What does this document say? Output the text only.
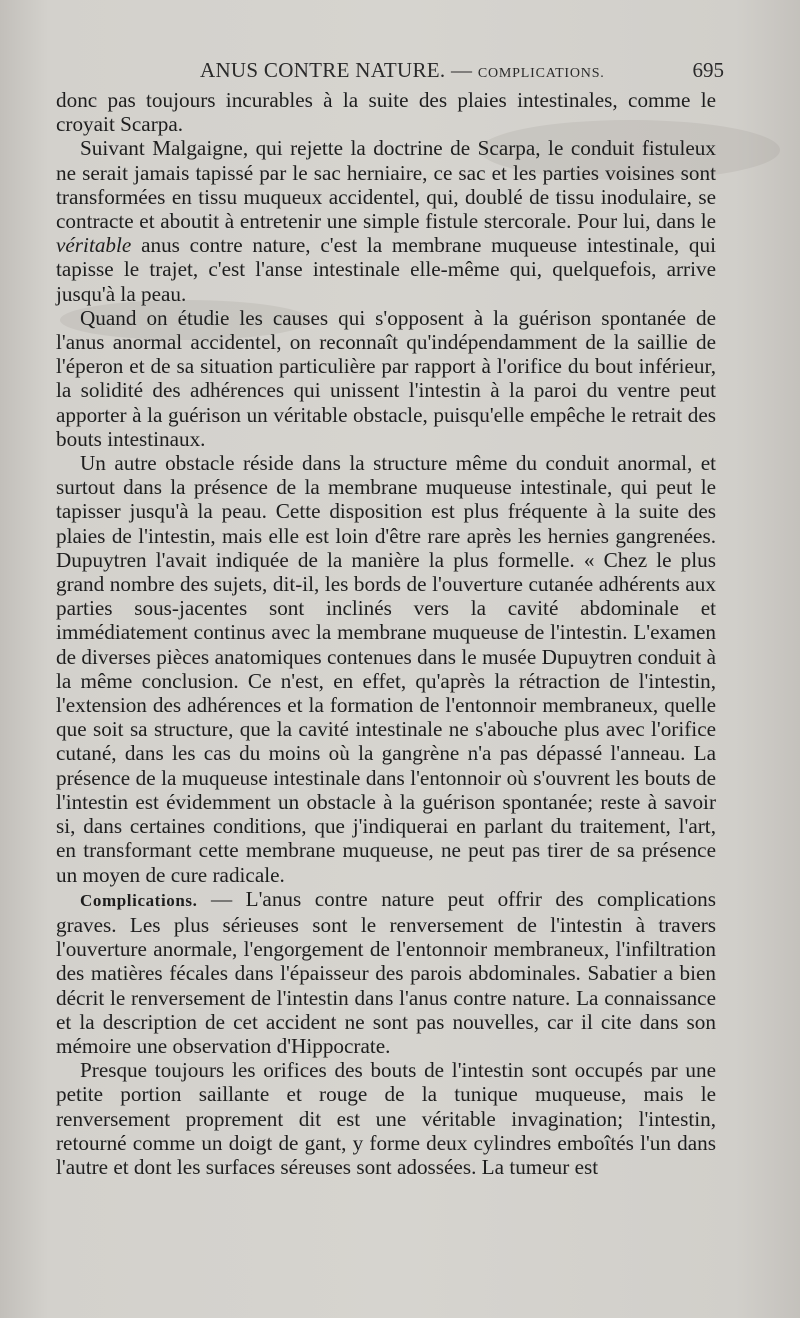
ANUS CONTRE NATURE. — COMPLICATIONS.	695

donc pas toujours incurables à la suite des plaies intestinales, comme le croyait Scarpa.

Suivant Malgaigne, qui rejette la doctrine de Scarpa, le conduit fistuleux ne serait jamais tapissé par le sac herniaire, ce sac et les parties voisines sont transformées en tissu muqueux accidentel, qui, doublé de tissu inodulaire, se contracte et aboutit à entretenir une simple fistule stercorale. Pour lui, dans le véritable anus contre nature, c'est la membrane muqueuse intestinale, qui tapisse le trajet, c'est l'anse intestinale elle-même qui, quelquefois, arrive jusqu'à la peau.

Quand on étudie les causes qui s'opposent à la guérison spontanée de l'anus anormal accidentel, on reconnaît qu'indépendamment de la saillie de l'éperon et de sa situation particulière par rapport à l'orifice du bout inférieur, la solidité des adhérences qui unissent l'intestin à la paroi du ventre peut apporter à la guérison un véritable obstacle, puisqu'elle empêche le retrait des bouts intestinaux.

Un autre obstacle réside dans la structure même du conduit anormal, et surtout dans la présence de la membrane muqueuse intestinale, qui peut le tapisser jusqu'à la peau. Cette disposition est plus fréquente à la suite des plaies de l'intestin, mais elle est loin d'être rare après les hernies gangrenées. Dupuytren l'avait indiquée de la manière la plus formelle. « Chez le plus grand nombre des sujets, dit-il, les bords de l'ouverture cutanée adhérents aux parties sous-jacentes sont inclinés vers la cavité abdominale et immédiatement continus avec la membrane muqueuse de l'intestin. L'examen de diverses pièces anatomiques contenues dans le musée Dupuytren conduit à la même conclusion. Ce n'est, en effet, qu'après la rétraction de l'intestin, l'extension des adhérences et la formation de l'entonnoir membraneux, quelle que soit sa structure, que la cavité intestinale ne s'abouche plus avec l'orifice cutané, dans les cas du moins où la gangrène n'a pas dépassé l'anneau. La présence de la muqueuse intestinale dans l'entonnoir où s'ouvrent les bouts de l'intestin est évidemment un obstacle à la guérison spontanée; reste à savoir si, dans certaines conditions, que j'indiquerai en parlant du traitement, l'art, en transformant cette membrane muqueuse, ne peut pas tirer de sa présence un moyen de cure radicale.

Complications. — L'anus contre nature peut offrir des complications graves. Les plus sérieuses sont le renversement de l'intestin à travers l'ouverture anormale, l'engorgement de l'entonnoir membraneux, l'infiltration des matières fécales dans l'épaisseur des parois abdominales. Sabatier a bien décrit le renversement de l'intestin dans l'anus contre nature. La connaissance et la description de cet accident ne sont pas nouvelles, car il cite dans son mémoire une observation d'Hippocrate.

Presque toujours les orifices des bouts de l'intestin sont occupés par une petite portion saillante et rouge de la tunique muqueuse, mais le renversement proprement dit est une véritable invagination; l'intestin, retourné comme un doigt de gant, y forme deux cylindres emboîtés l'un dans l'autre et dont les surfaces séreuses sont adossées. La tumeur est
